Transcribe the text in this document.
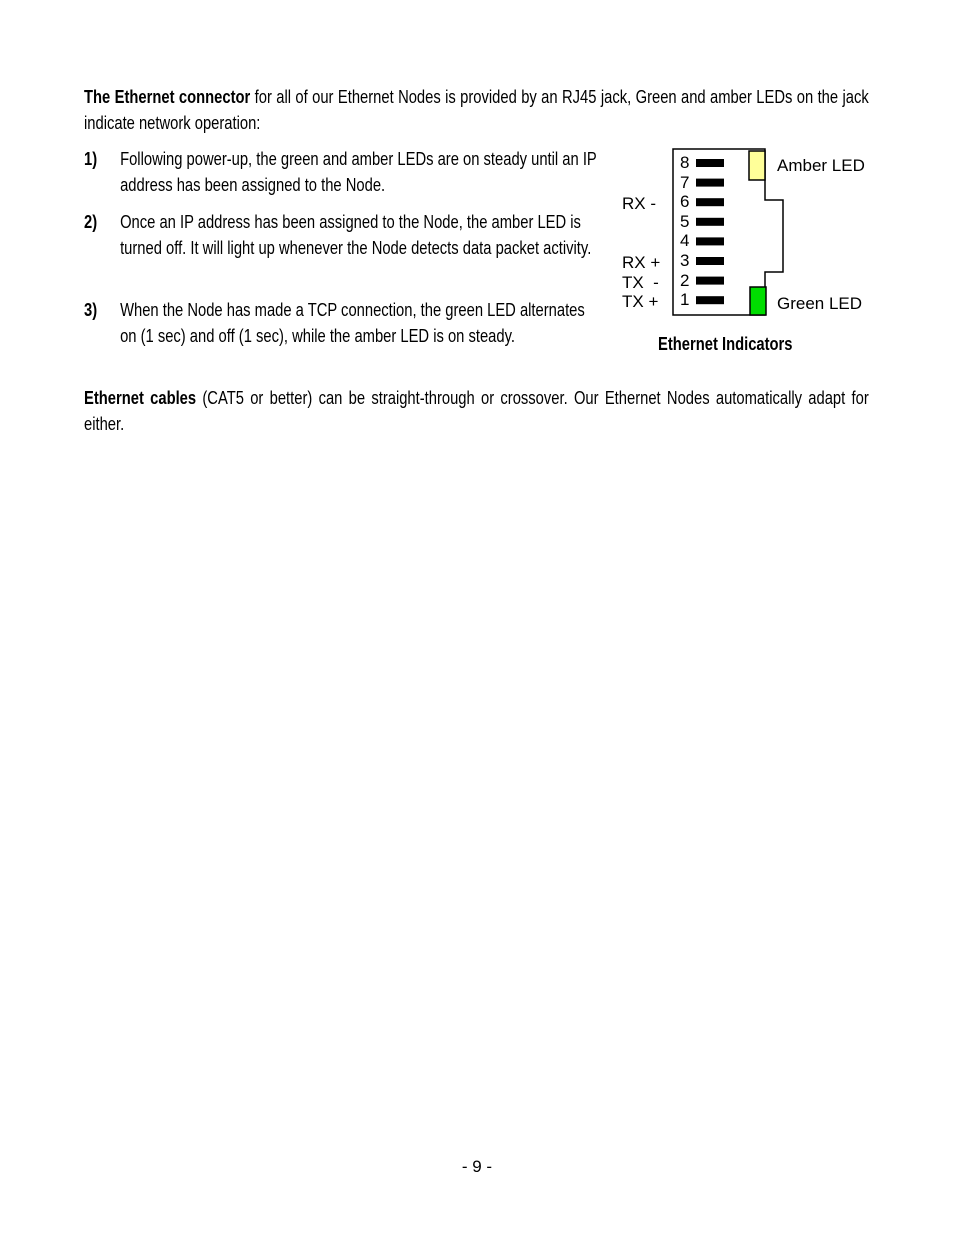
The Ethernet connector for all of our Ethernet Nodes is provided by an RJ45 jack, Green and amber LEDs on the jack indicate network operation:
1) Following power-up, the green and amber LEDs are on steady until an IP address has been assigned to the Node.
2) Once an IP address has been assigned to the Node, the amber LED is turned off. It will light up whenever the Node detects data packet activity.
3) When the Node has made a TCP connection, the green LED alternates on (1 sec) and off (1 sec), while the amber LED is on steady.
8
7
6
5
4
3
2
1
RX -
RX +
TX  -
TX +
Amber LED
Green LED
Ethernet Indicators
Ethernet cables (CAT5 or better) can be straight-through or crossover. Our Ethernet Nodes automatically adapt for either.
- 9 -
